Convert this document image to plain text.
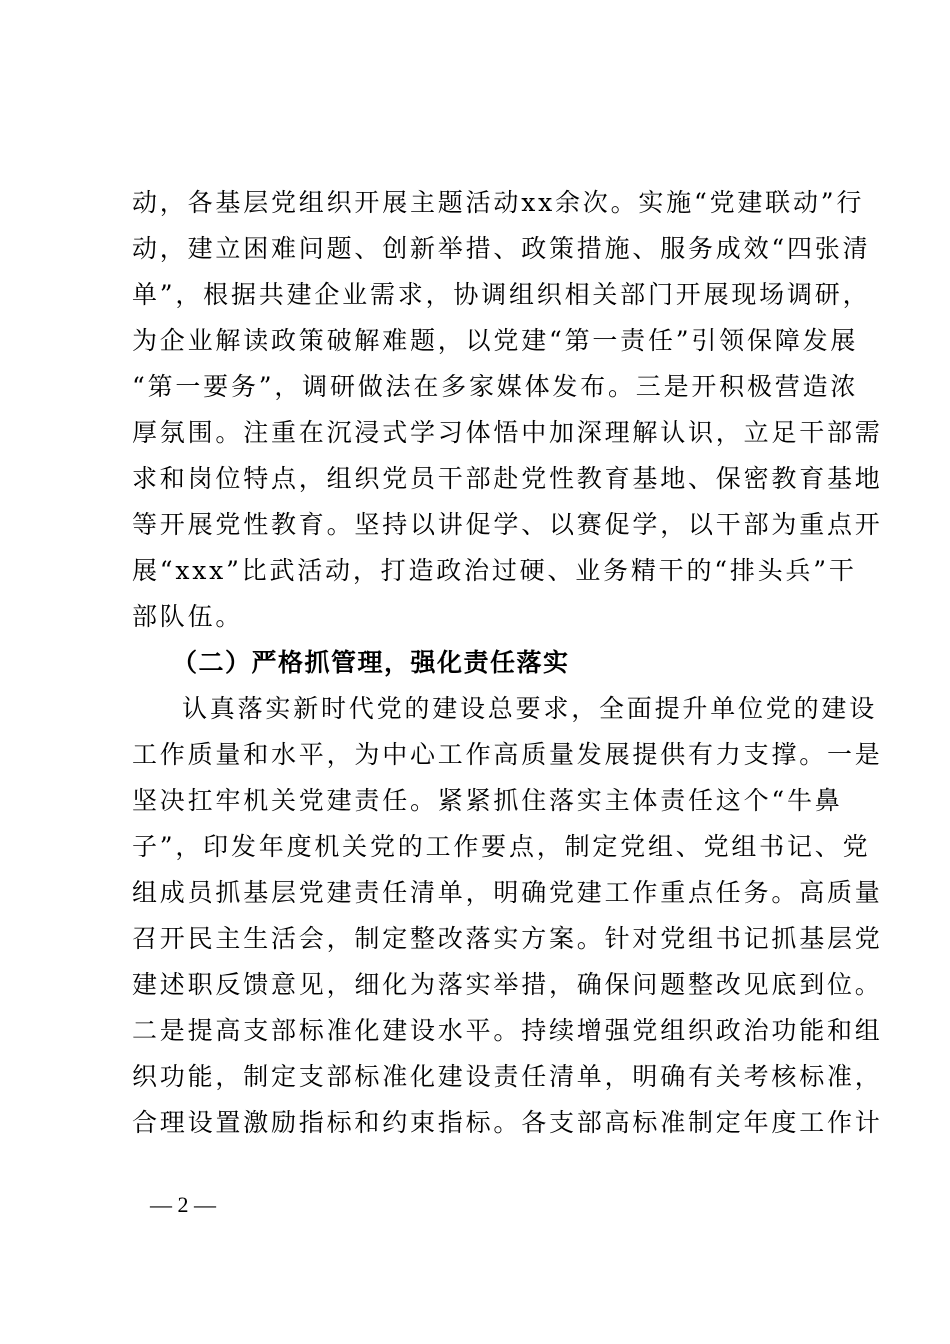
动，各基层党组织开展主题活动xx余次。实施“党建联动”行
动，建立困难问题、创新举措、政策措施、服务成效“四张清
单”，根据共建企业需求，协调组织相关部门开展现场调研，
为企业解读政策破解难题，以党建“第一责任”引领保障发展
“第一要务”，调研做法在多家媒体发布。三是开积极营造浓
厚氛围。注重在沉浸式学习体悟中加深理解认识，立足干部需
求和岗位特点，组织党员干部赴党性教育基地、保密教育基地
等开展党性教育。坚持以讲促学、以赛促学，以干部为重点开
展“xxx”比武活动，打造政治过硬、业务精干的“排头兵”干
部队伍。
（二）严格抓管理，强化责任落实
认真落实新时代党的建设总要求，全面提升单位党的建设
工作质量和水平，为中心工作高质量发展提供有力支撑。一是
坚决扛牢机关党建责任。紧紧抓住落实主体责任这个“牛鼻
子”，印发年度机关党的工作要点，制定党组、党组书记、党
组成员抓基层党建责任清单，明确党建工作重点任务。高质量
召开民主生活会，制定整改落实方案。针对党组书记抓基层党
建述职反馈意见，细化为落实举措，确保问题整改见底到位。
二是提高支部标准化建设水平。持续增强党组织政治功能和组
织功能，制定支部标准化建设责任清单，明确有关考核标准，
合理设置激励指标和约束指标。各支部高标准制定年度工作计
— 2 —
